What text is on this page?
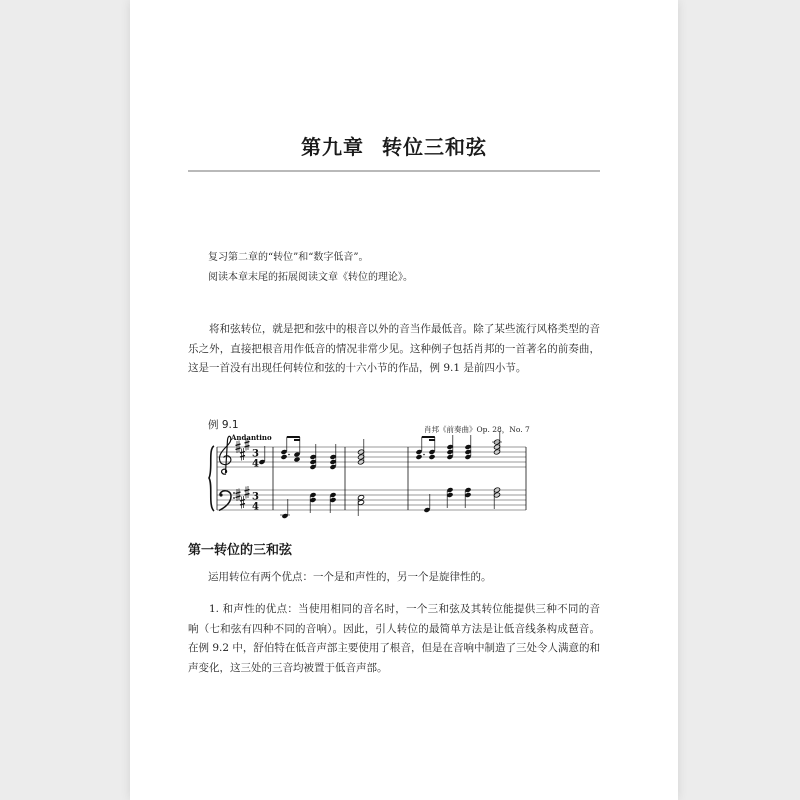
第九章 转位三和弦
复习第二章的“转位”和“数字低音”。
阅读本章末尾的拓展阅读文章《转位的理论》。
将和弦转位，就是把和弦中的根音以外的音当作最低音。除了某些流行风格类型的音乐之外，直接把根音用作低音的情况非常少见。这种例子包括肖邦的一首著名的前奏曲，这是一首没有出现任何转位和弦的十六小节的作品，例 9.1 是前四小节。
例 9.1	肖邦《前奏曲》Op. 28，No. 7
Andantino
3
4
3
4
第一转位的三和弦
运用转位有两个优点：一个是和声性的，另一个是旋律性的。
1. 和声性的优点：当使用相同的音名时，一个三和弦及其转位能提供三种不同的音响（七和弦有四种不同的音响）。因此，引人转位的最简单方法是让低音线条构成琶音。在例 9.2 中，舒伯特在低音声部主要使用了根音，但是在音响中制造了三处令人满意的和声变化，这三处的三音均被置于低音声部。
